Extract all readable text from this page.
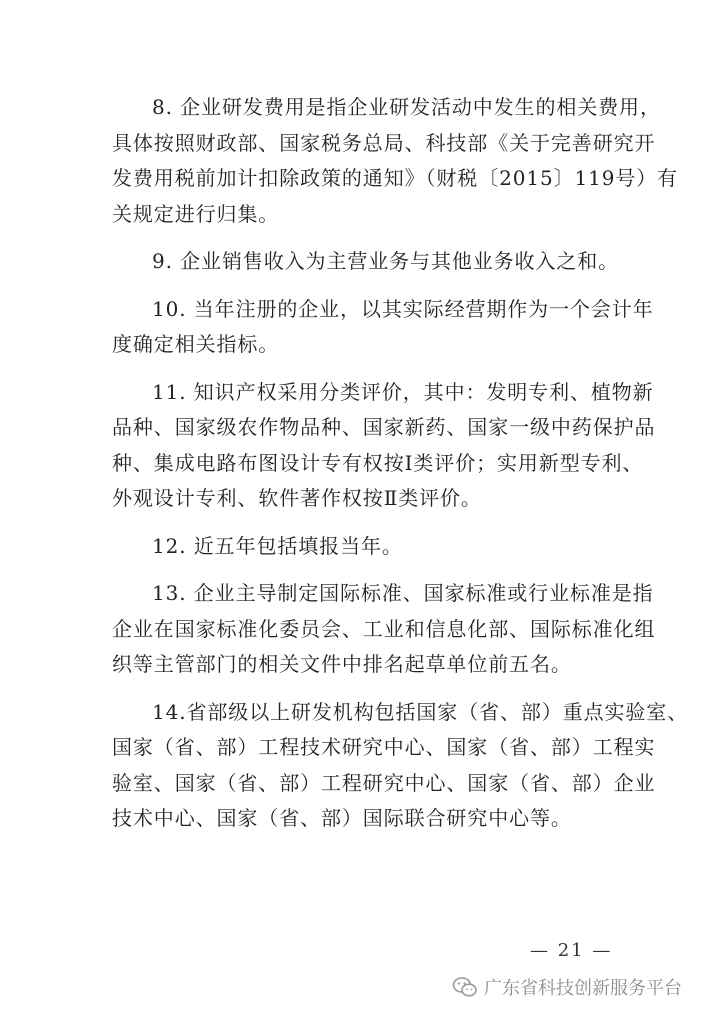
8. 企业研发费用是指企业研发活动中发生的相关费用，
具体按照财政部、国家税务总局、科技部《关于完善研究开
发费用税前加计扣除政策的通知》（财税〔2015〕119号）有
关规定进行归集。
9. 企业销售收入为主营业务与其他业务收入之和。
10. 当年注册的企业，以其实际经营期作为一个会计年
度确定相关指标。
11. 知识产权采用分类评价，其中：发明专利、植物新
品种、国家级农作物品种、国家新药、国家一级中药保护品
种、集成电路布图设计专有权按Ⅰ类评价；实用新型专利、
外观设计专利、软件著作权按Ⅱ类评价。
12. 近五年包括填报当年。
13. 企业主导制定国际标准、国家标准或行业标准是指
企业在国家标准化委员会、工业和信息化部、国际标准化组
织等主管部门的相关文件中排名起草单位前五名。
14.省部级以上研发机构包括国家（省、部）重点实验室、
国家（省、部）工程技术研究中心、国家（省、部）工程实
验室、国家（省、部）工程研究中心、国家（省、部）企业
技术中心、国家（省、部）国际联合研究中心等。
— 21 —
广东省科技创新服务平台
